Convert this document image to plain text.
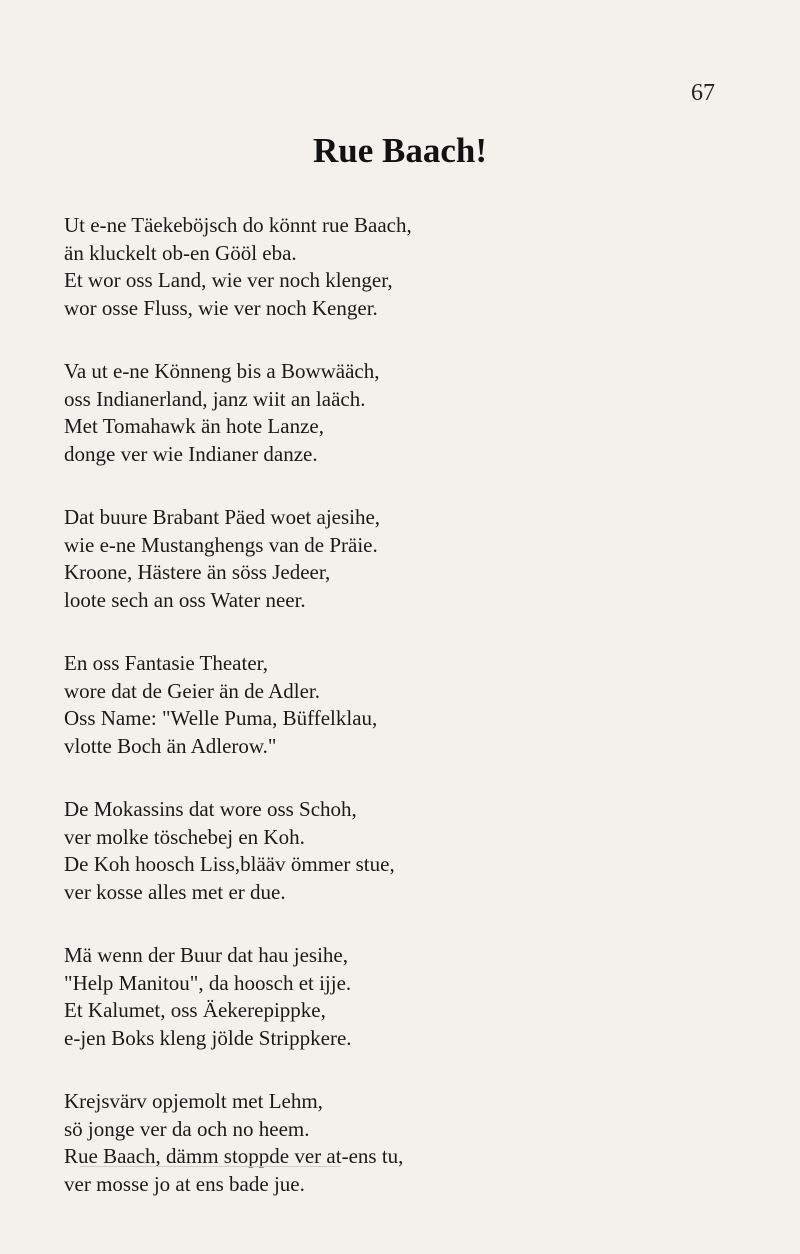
67
Rue Baach!
Ut e-ne Täekeböjsch do könnt rue Baach,
än kluckelt ob-en Gööl eba.
Et wor oss Land, wie ver noch klenger,
wor osse Fluss, wie ver noch Kenger.
Va ut e-ne Könneng bis a Bowwääch,
oss Indianerland, janz wiit an laäch.
Met Tomahawk än hote Lanze,
donge ver wie Indianer danze.
Dat buure Brabant Päed woet ajesihe,
wie e-ne Mustanghengs van de Präie.
Kroone, Hästere än söss Jedeer,
loote sech an oss Water neer.
En oss Fantasie Theater,
wore dat de Geier än de Adler.
Oss Name: "Welle Puma, Büffelklau,
vlotte Boch än Adlerow."
De Mokassins dat wore oss Schoh,
ver molke töschebej en Koh.
De Koh hoosch Liss,blääv ömmer stue,
ver kosse alles met er due.
Mä wenn der Buur dat hau jesihe,
"Help Manitou", da hoosch et ijje.
Et Kalumet, oss Äekerepippke,
e-jen Boks kleng jölde Strippkere.
Krejsvärv opjemolt met Lehm,
sö jonge ver da och no heem.
Rue Baach, dämm stoppde ver at-ens tu,
ver mosse jo at ens bade jue.
